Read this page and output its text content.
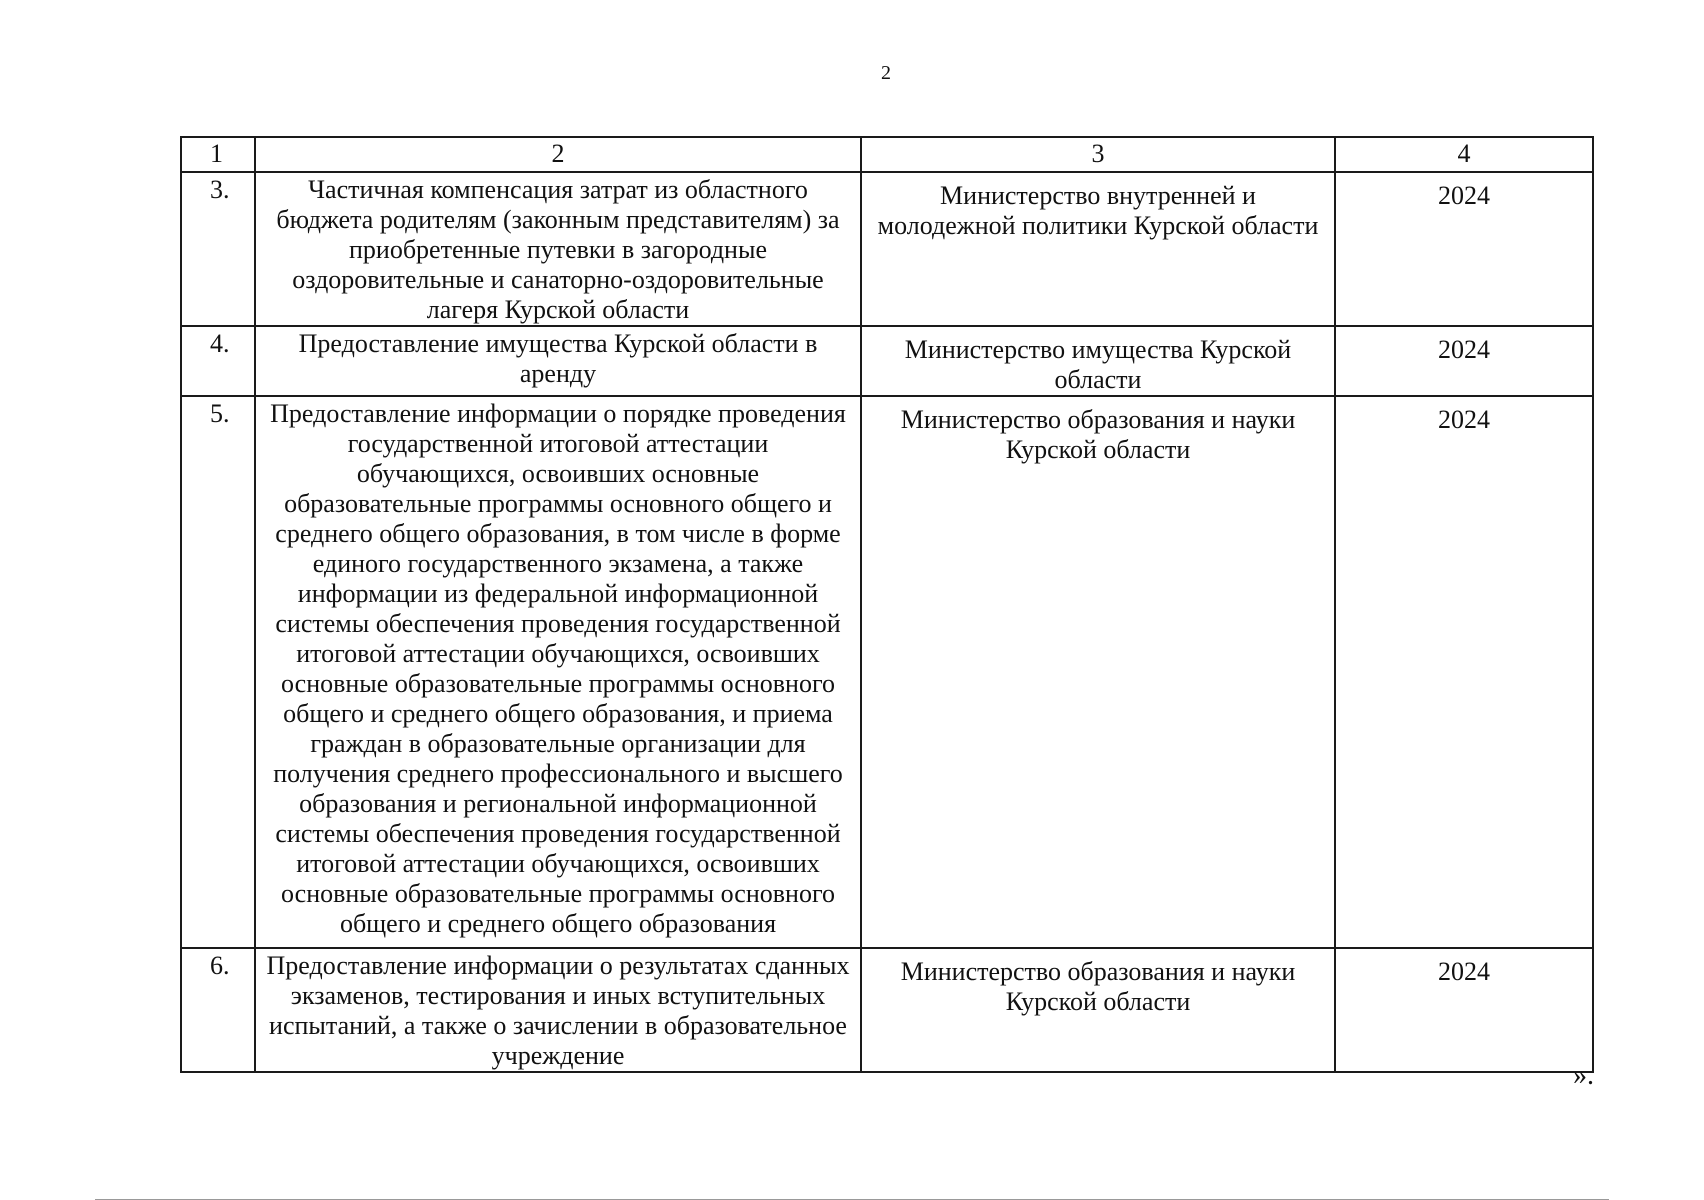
2
1	2	3	4
3.	Частичная компенсация затрат из областного бюджета родителям (законным представителям) за приобретенные путевки в загородные оздоровительные и санаторно-оздоровительные лагеря Курской области	Министерство внутренней и молодежной политики Курской области	2024

4.	Предоставление имущества Курской области в аренду	Министерство имущества Курской области	2024

5.	Предоставление информации о порядке проведения государственной итоговой аттестации обучающихся, освоивших основные образовательные программы основного общего и среднего общего образования, в том числе в форме единого государственного экзамена, а также информации из федеральной информационной системы обеспечения проведения государственной итоговой аттестации обучающихся, освоивших основные образовательные программы основного общего и среднего общего образования, и приема граждан в образовательные организации для получения среднего профессионального и высшего образования и региональной информационной системы обеспечения проведения государственной итоговой аттестации обучающихся, освоивших основные образовательные программы основного общего и среднего общего образования	Министерство образования и науки Курской области	2024

6.	Предоставление информации о результатах сданных экзаменов, тестирования и иных вступительных испытаний, а также о зачислении в образовательное учреждение	Министерство образования и науки Курской области	2024
».
